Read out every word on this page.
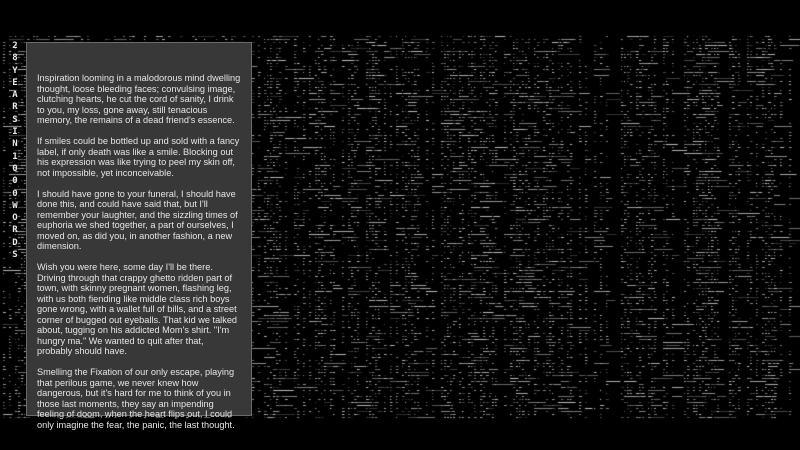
2
8
Y
E
A
R
S
I
N
1
0
0
0
W
O
R
D
S

Inspiration looming in a malodorous mind dwelling thought, loose bleeding faces; convulsing image, clutching hearts, he cut the cord of sanity, I drink to you, my loss, gone away, still tenacious memory, the remains of a dead friend's essence.

If smiles could be bottled up and sold with a fancy label, if only death was like a smile. Blocking out his expression was like trying to peel my skin off, not impossible, yet inconceivable.

I should have gone to your funeral, I should have done this, and could have said that, but I'll remember your laughter, and the sizzling times of euphoria we shed together, a part of ourselves, I moved on, as did you, in another fashion, a new dimension.

Wish you were here, some day I'll be there. Driving through that crappy ghetto ridden part of town, with skinny pregnant women, flashing leg, with us both fiending like middle class rich boys gone wrong, with a wallet full of bills, and a street corner of bugged out eyeballs. That kid we talked about, tugging on his addicted Mom's shirt. "I'm hungry ma." We wanted to quit after that, probably should have.

Smelling the Fixation of our only escape, playing that perilous game, we never knew how dangerous, but it's hard for me to think of you in those last moments, they say an impending feeling of doom, when the heart flips out, I could only imagine the fear, the panic, the last thought.
